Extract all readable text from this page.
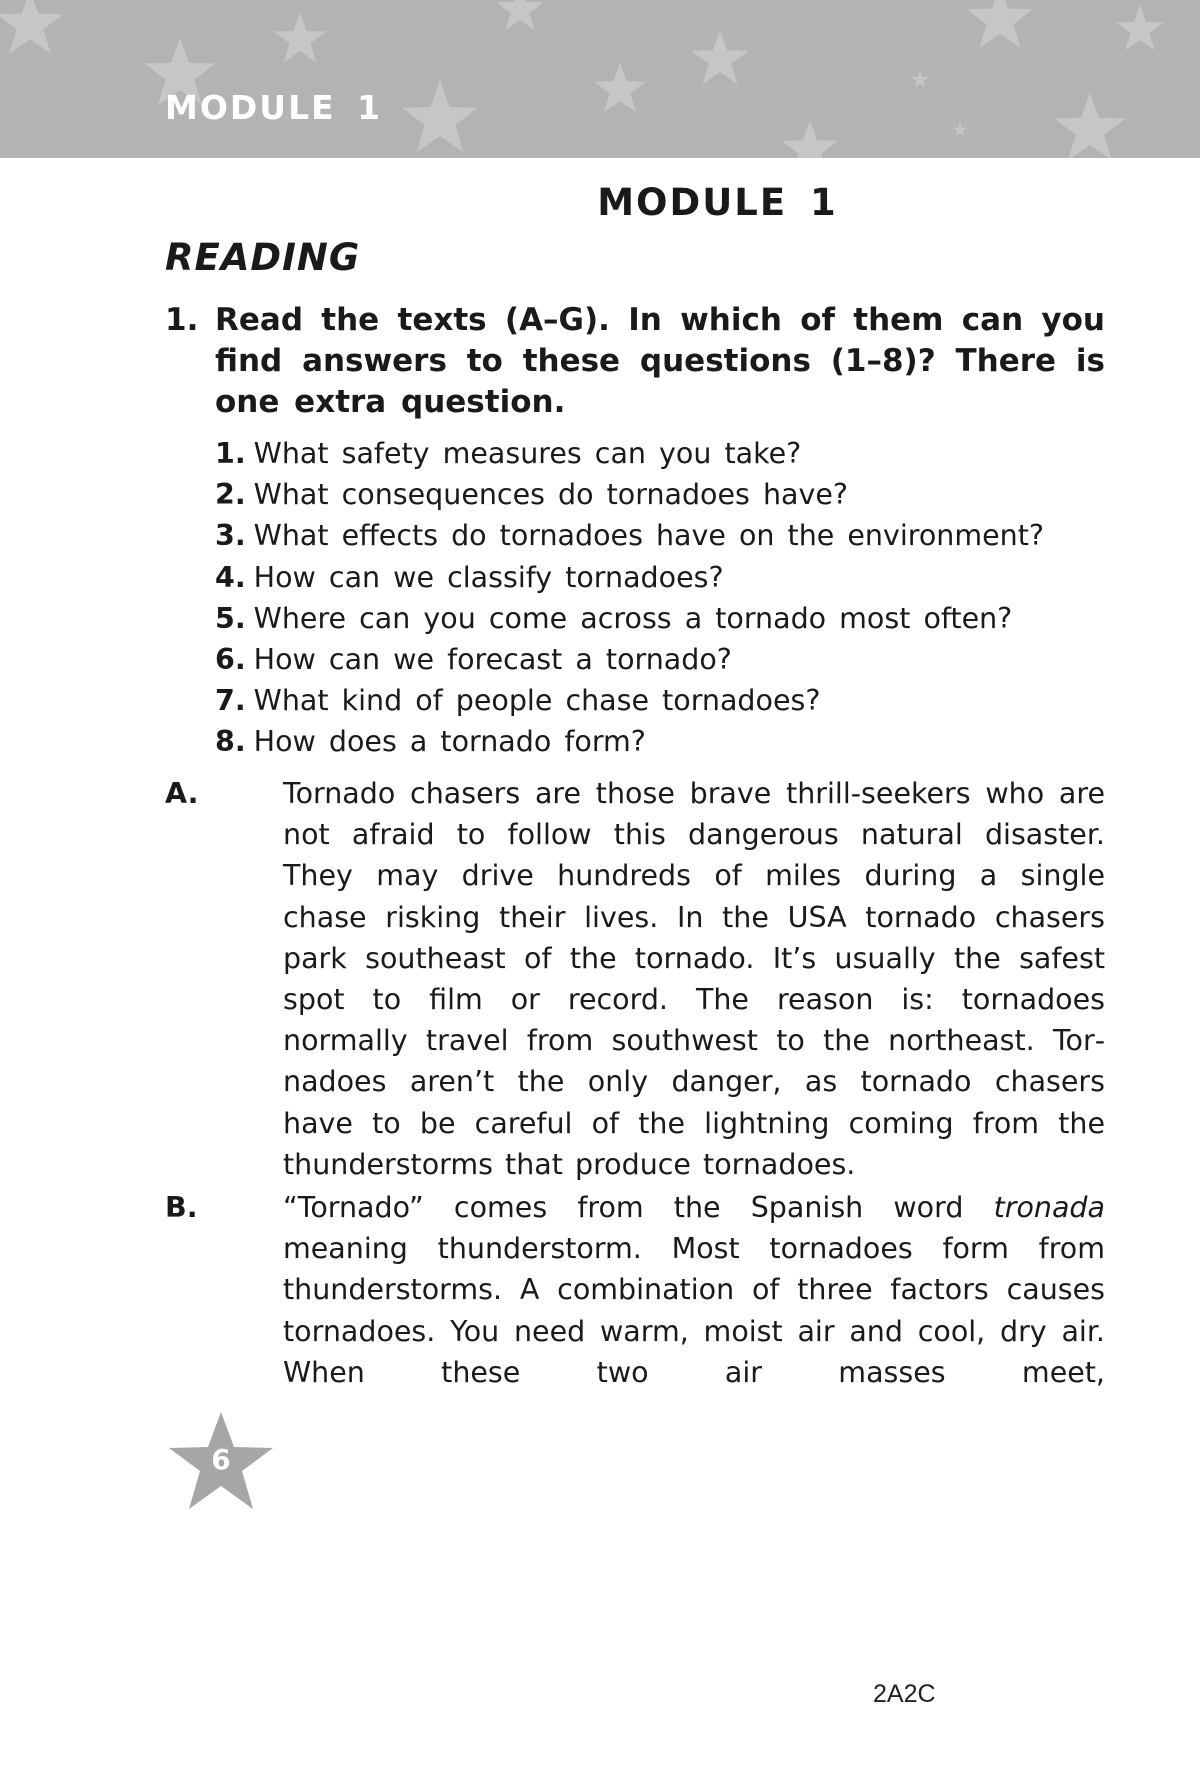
MODULE 1
MODULE 1
READING
1. Read the texts (A–G). In which of them can you find answers to these questions (1–8)? There is one extra question.
1. What safety measures can you take?
2. What consequences do tornadoes have?
3. What effects do tornadoes have on the environment?
4. How can we classify tornadoes?
5. Where can you come across a tornado most often?
6. How can we forecast a tornado?
7. What kind of people chase tornadoes?
8. How does a tornado form?
A.	Tornado chasers are those brave thrill-seekers who are not afraid to follow this dangerous natural disaster. They may drive hundreds of miles during a single chase risking their lives. In the USA tornado chasers park southeast of the tornado. It’s usually the safest spot to film or record. The reason is: tornadoes normally travel from southwest to the northeast. Tornadoes aren’t the only danger, as tornado chasers have to be careful of the lightning coming from the thunderstorms that produce tornadoes.
B.	“Tornado” comes from the Spanish word tronada meaning thunderstorm. Most tornadoes form from thunderstorms. A combination of three factors causes tornadoes. You need warm, moist air and cool, dry air. When these two air masses meet,
6
2A2C
